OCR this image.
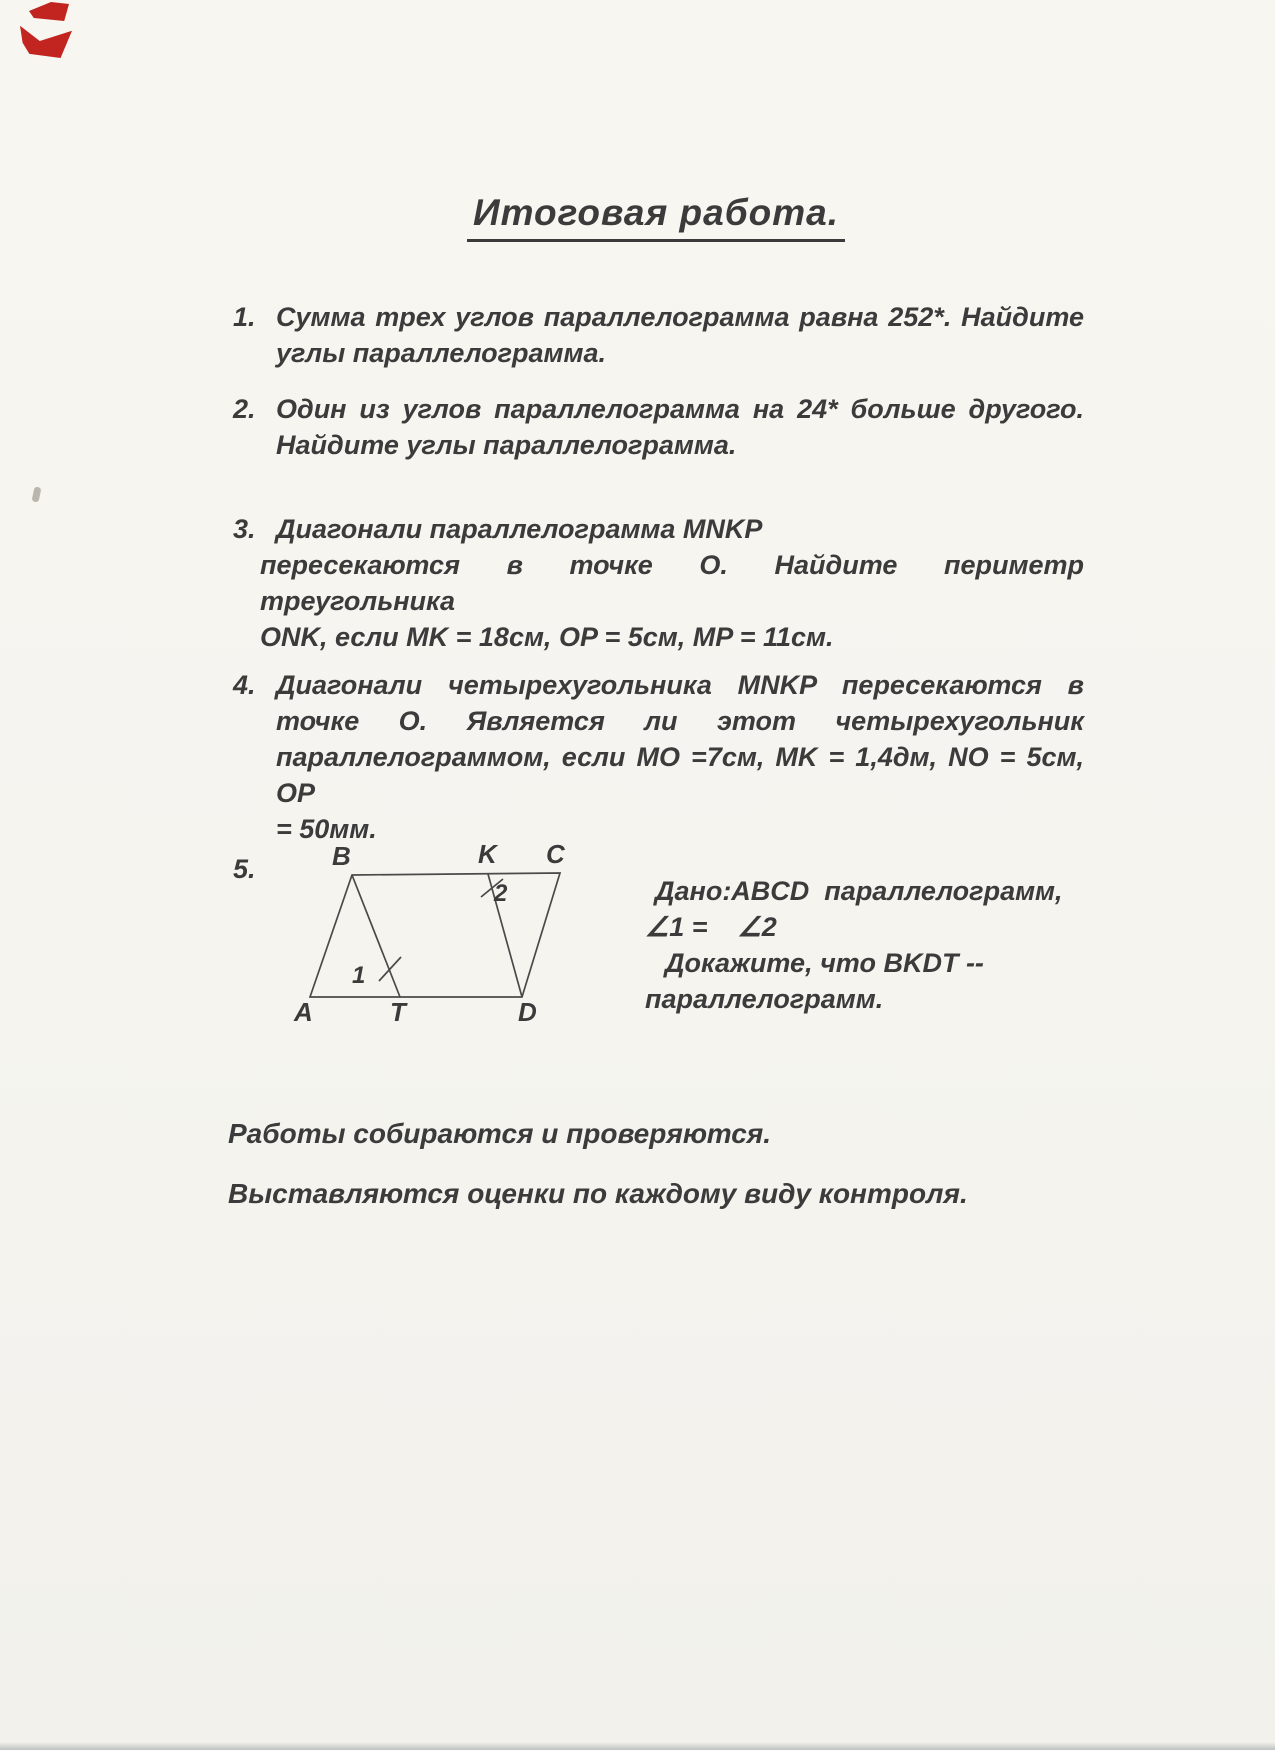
Итоговая работа.
1. Сумма трех углов параллелограмма равна 252*. Найдите
углы параллелограмма.
2. Один из углов параллелограмма на 24* больше другого.
Найдите углы параллелограмма.
3. Диагонали параллелограмма MNKP
пересекаются в точке О. Найдите периметр треугольника
ONK, если MK = 18см, OP = 5см, MP = 11см.
4. Диагонали четырехугольника MNKP пересекаются в
точке О. Является ли этот четырехугольник
параллелограммом, если MO =7см, MK = 1,4дм, NO = 5см, OP
= 50мм.
5.	B	K C
A	T	D
1
2	Дано:ABCD  параллелограмм,
∠1 =    ∠2
Докажите, что BKDT --
параллелограмм.
Работы собираются и проверяются.
Выставляются оценки по каждому виду контроля.
